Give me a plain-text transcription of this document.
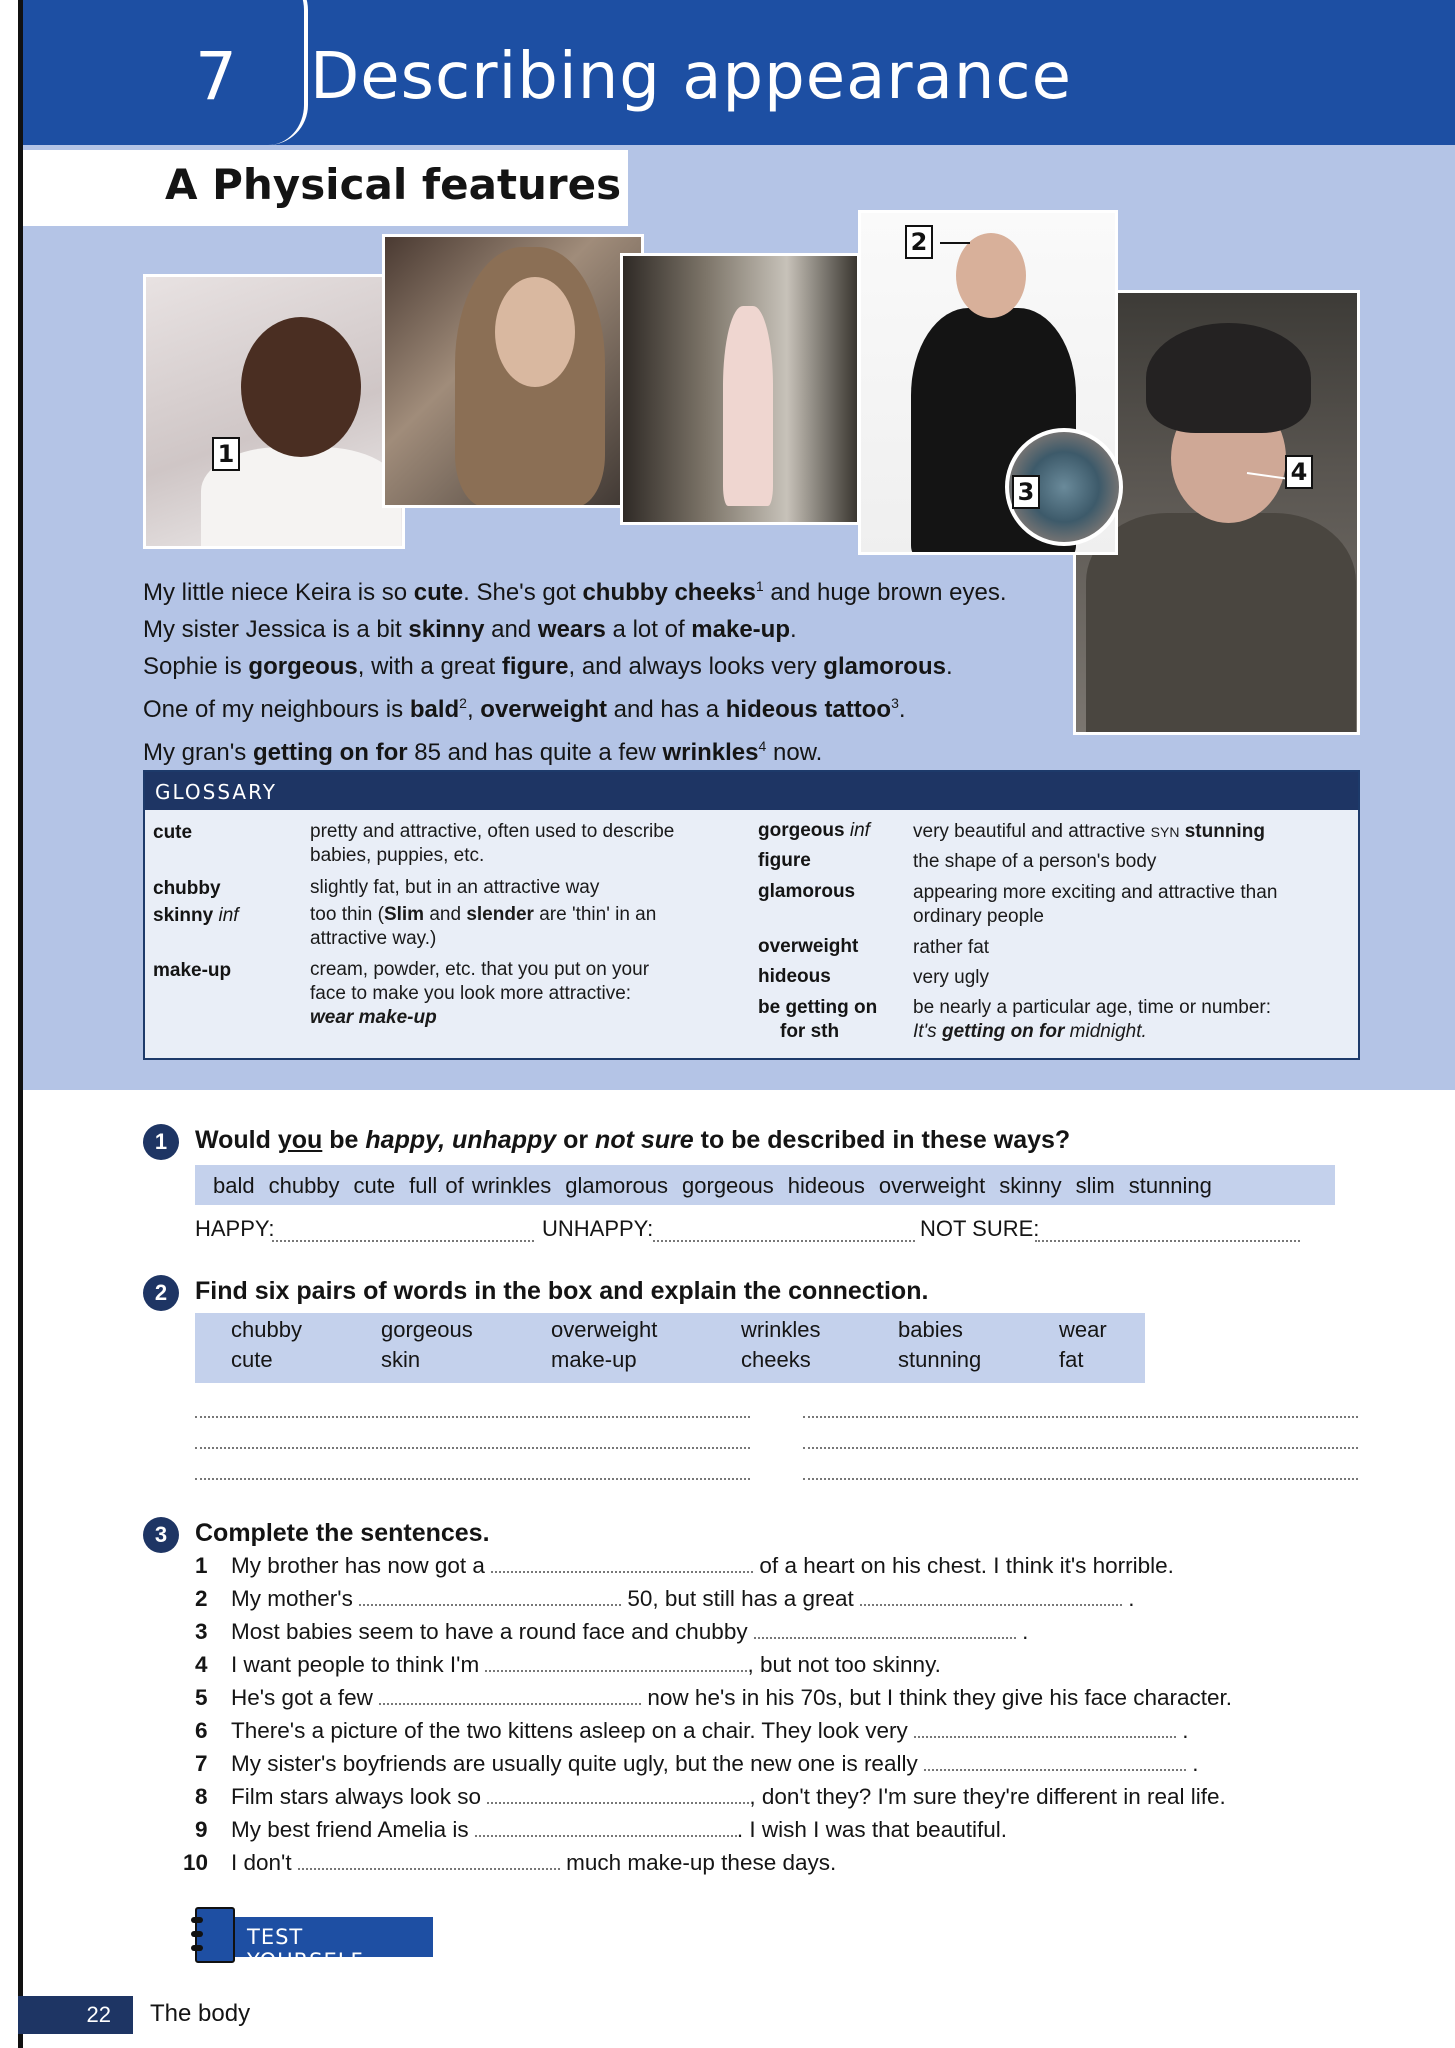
7 Describing appearance
A Physical features
1
2
3
4
My little niece Keira is so cute. She's got chubby cheeks$^1$ and huge brown eyes.
My sister Jessica is a bit skinny and wears a lot of make-up.
Sophie is gorgeous, with a great figure, and always looks very glamorous.
One of my neighbours is bald$^2$, overweight and has a hideous tattoo$^3$.
My gran's getting on for 85 and has quite a few wrinkles$^4$ now.
GLOSSARY
cute	pretty and attractive, often used to describe
babies, puppies, etc.
chubby	slightly fat, but in an attractive way
skinny inf	too thin (Slim and slender are 'thin' in an
attractive way.)
make-up	cream, powder, etc. that you put on your
face to make you look more attractive:
wear make-up
gorgeous inf very beautiful and attractive SYN stunning
figure	the shape of a person's body
glamorous	appearing more exciting and attractive than
ordinary people
overweight	rather fat
hideous	very ugly
be getting on
for sth
be nearly a particular age, time or number:
It's getting on for midnight.
1	Would you be happy, unhappy or not sure to be described in these ways?
bald chubby cute full of wrinkles glamorous gorgeous hideous overweight skinny slim stunning
HAPPY:	UNHAPPY:	NOT SURE:
2	Find six pairs of words in the box and explain the connection.
chubby	gorgeous	overweight	wrinkles	babies	wear
cute	skin	make-up	cheeks	stunning	fat
3	Complete the sentences.
1 My brother has now got a	of a heart on his chest. I think it's horrible.
2 My mother's	50, but still has a great	.
3 Most babies seem to have a round face and chubby	.
4 I want people to think I'm	, but not too skinny.
5 He's got a few	now he's in his 70s, but I think they give his face character.
6 There's a picture of the two kittens asleep on a chair. They look very	.
7 My sister's boyfriends are usually quite ugly, but the new one is really	.
8 Film stars always look so	, don't they? I'm sure they're different in real life.
9 My best friend Amelia is	. I wish I was that beautiful.
10 I don't	much make-up these days.
TEST YOURSELF
22	The body
